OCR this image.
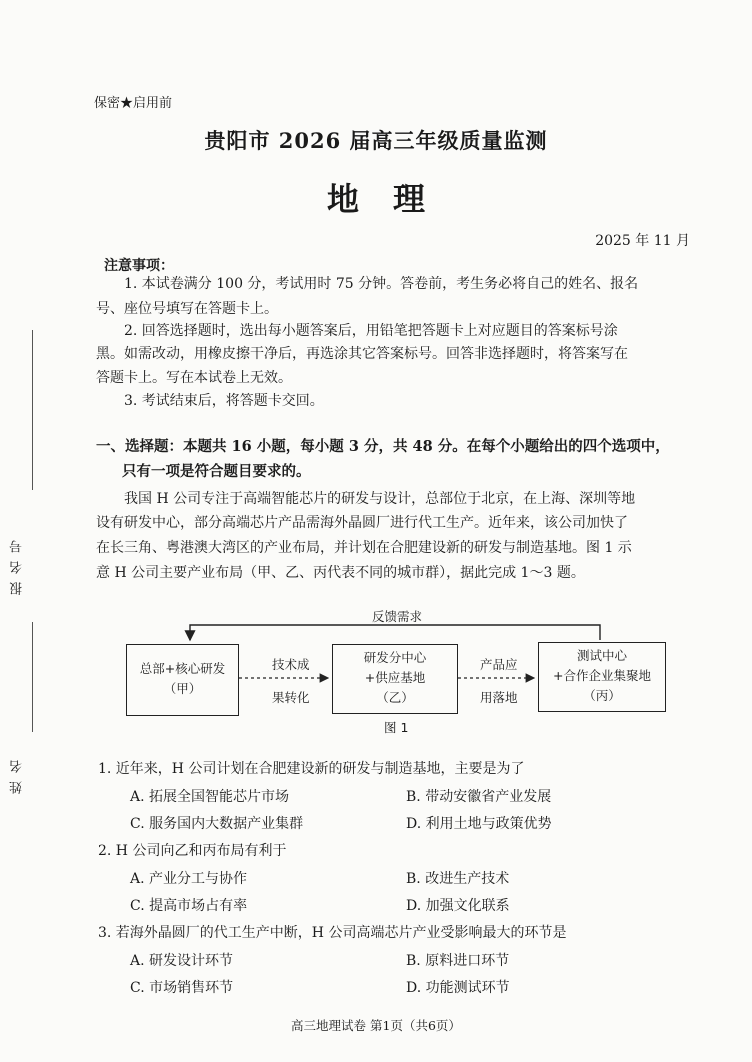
报名号
姓名
保密★启用前
贵阳市 2026 届高三年级质量监测
地理
2025 年 11 月
注意事项：
1. 本试卷满分 100 分，考试用时 75 分钟。答卷前，考生务必将自己的姓名、报名
号、座位号填写在答题卡上。
2. 回答选择题时，选出每小题答案后，用铅笔把答题卡上对应题目的答案标号涂
黑。如需改动，用橡皮擦干净后，再选涂其它答案标号。回答非选择题时，将答案写在
答题卡上。写在本试卷上无效。
3. 考试结束后，将答题卡交回。
一、选择题：本题共 16 小题，每小题 3 分，共 48 分。在每个小题给出的四个选项中，
只有一项是符合题目要求的。
我国 H 公司专注于高端智能芯片的研发与设计，总部位于北京，在上海、深圳等地
设有研发中心，部分高端芯片产品需海外晶圆厂进行代工生产。近年来，该公司加快了
在长三角、粤港澳大湾区的产业布局，并计划在合肥建设新的研发与制造基地。图 1 示
意 H 公司主要产业布局（甲、乙、丙代表不同的城市群），据此完成 1～3 题。
反馈需求
总部+核心研发
（甲）
技术成
果转化
研发分中心
+供应基地
（乙）
产品应
用落地
测试中心
+合作企业集聚地
（丙）
图 1
1. 近年来，H 公司计划在合肥建设新的研发与制造基地，主要是为了
A. 拓展全国智能芯片市场	B. 带动安徽省产业发展
C. 服务国内大数据产业集群	D. 利用土地与政策优势
2. H 公司向乙和丙布局有利于
A. 产业分工与协作	B. 改进生产技术
C. 提高市场占有率	D. 加强文化联系
3. 若海外晶圆厂的代工生产中断，H 公司高端芯片产业受影响最大的环节是
A. 研发设计环节	B. 原料进口环节
C. 市场销售环节	D. 功能测试环节
高三地理试卷 第1页（共6页）
